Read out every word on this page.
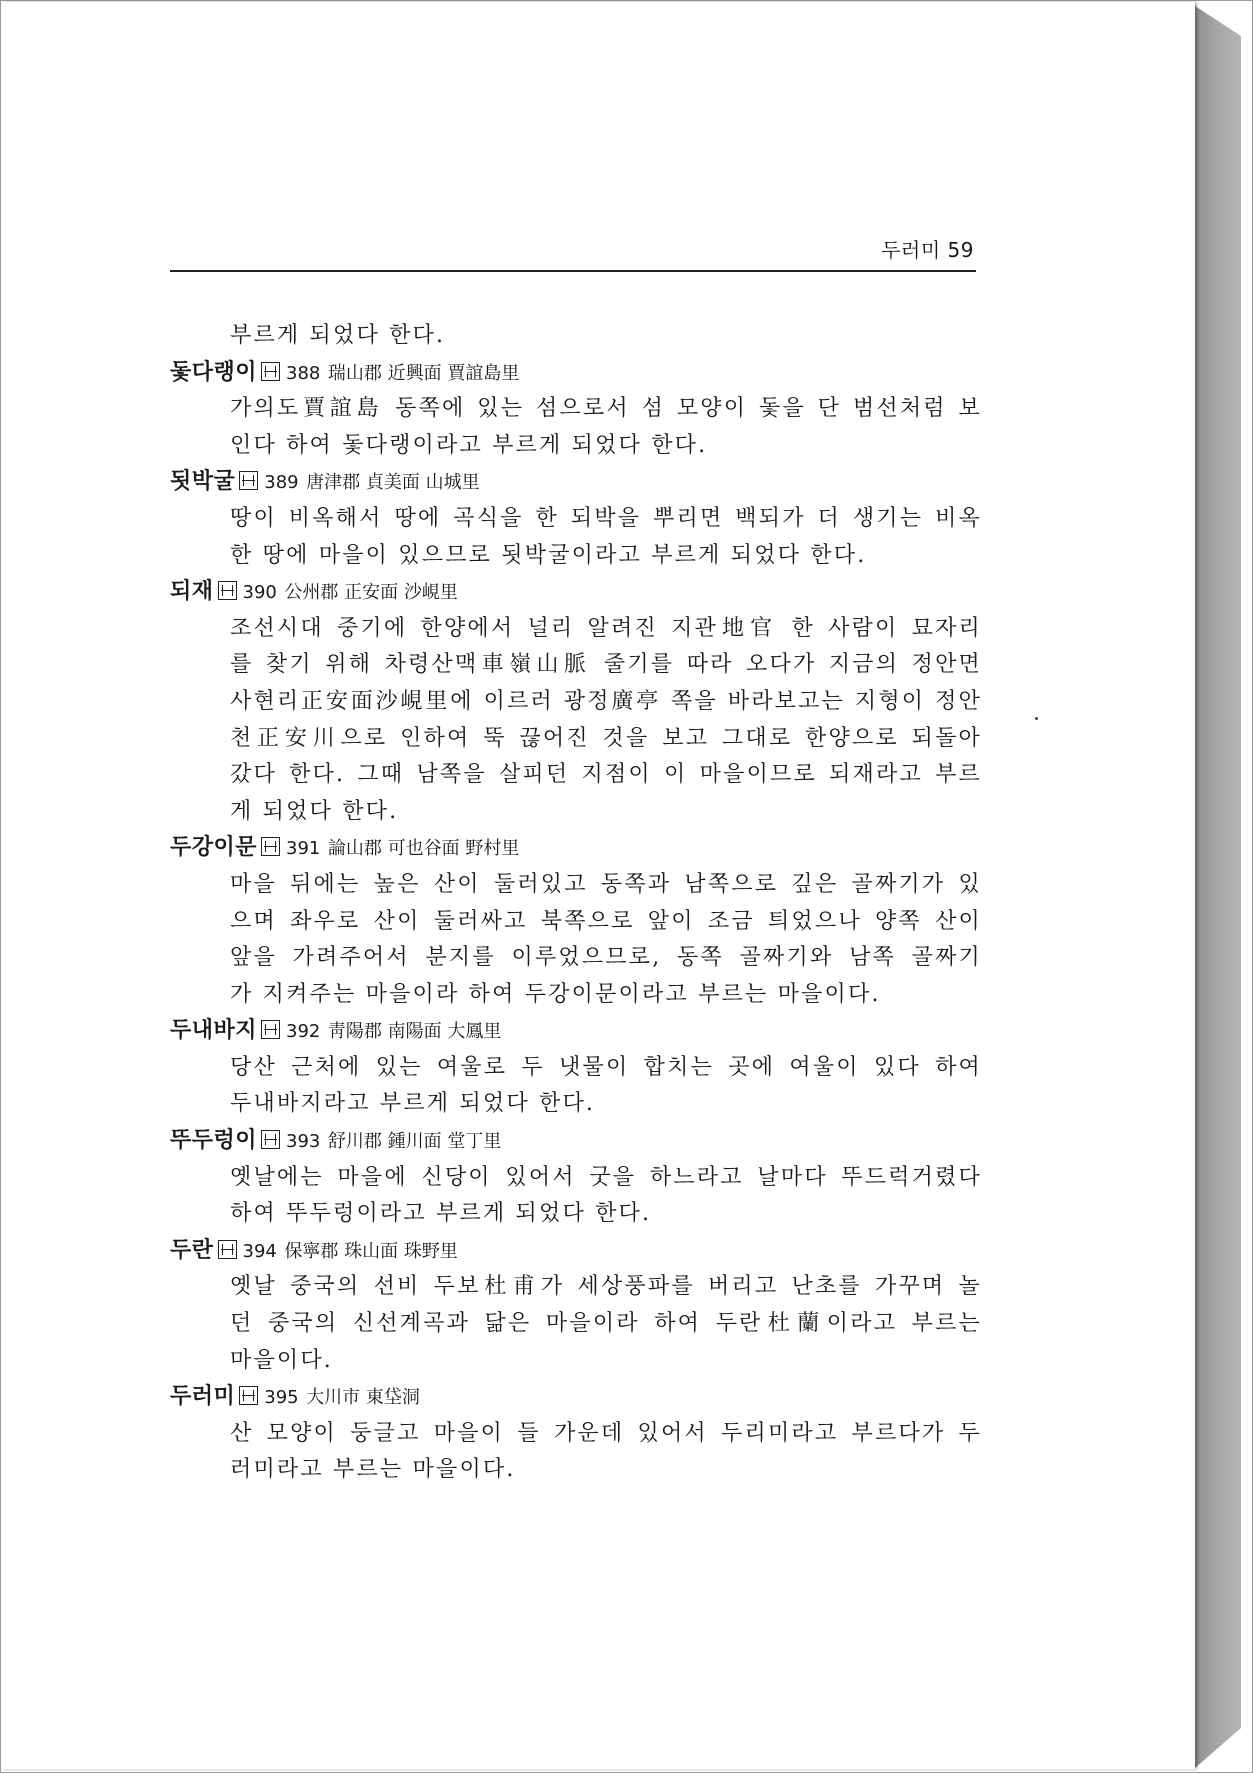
두러미 59
부르게 되었다 한다.
돛다랭이 388 瑞山郡 近興面 賈誼島里
가의도賈誼島 동쪽에 있는 섬으로서 섬 모양이 돛을 단 범선처럼 보
인다 하여 돛다랭이라고 부르게 되었다 한다.
됫박굴 389 唐津郡 貞美面 山城里
땅이 비옥해서 땅에 곡식을 한 되박을 뿌리면 백되가 더 생기는 비옥
한 땅에 마을이 있으므로 됫박굴이라고 부르게 되었다 한다.
되재 390 公州郡 正安面 沙峴里
조선시대 중기에 한양에서 널리 알려진 지관地官 한 사람이 묘자리
를 찾기 위해 차령산맥車嶺山脈 줄기를 따라 오다가 지금의 정안면
사현리正安面沙峴里에 이르러 광정廣亭 쪽을 바라보고는 지형이 정안
천正安川으로 인하여 뚝 끊어진 것을 보고 그대로 한양으로 되돌아
갔다 한다. 그때 남쪽을 살피던 지점이 이 마을이므로 되재라고 부르
게 되었다 한다.
두강이문 391 論山郡 可也谷面 野村里
마을 뒤에는 높은 산이 둘러있고 동쪽과 남쪽으로 깊은 골짜기가 있
으며 좌우로 산이 둘러싸고 북쪽으로 앞이 조금 틔었으나 양쪽 산이
앞을 가려주어서 분지를 이루었으므로, 동쪽 골짜기와 남쪽 골짜기
가 지켜주는 마을이라 하여 두강이문이라고 부르는 마을이다.
두내바지 392 靑陽郡 南陽面 大鳳里
당산 근처에 있는 여울로 두 냇물이 합치는 곳에 여울이 있다 하여
두내바지라고 부르게 되었다 한다.
뚜두렁이 393 舒川郡 鍾川面 堂丁里
옛날에는 마을에 신당이 있어서 굿을 하느라고 날마다 뚜드럭거렸다
하여 뚜두렁이라고 부르게 되었다 한다.
두란 394 保寧郡 珠山面 珠野里
옛날 중국의 선비 두보杜甫가 세상풍파를 버리고 난초를 가꾸며 놀
던 중국의 신선계곡과 닮은 마을이라 하여 두란杜蘭이라고 부르는
마을이다.
두러미 395 大川市 東垈洞
산 모양이 둥글고 마을이 들 가운데 있어서 두리미라고 부르다가 두
러미라고 부르는 마을이다.
